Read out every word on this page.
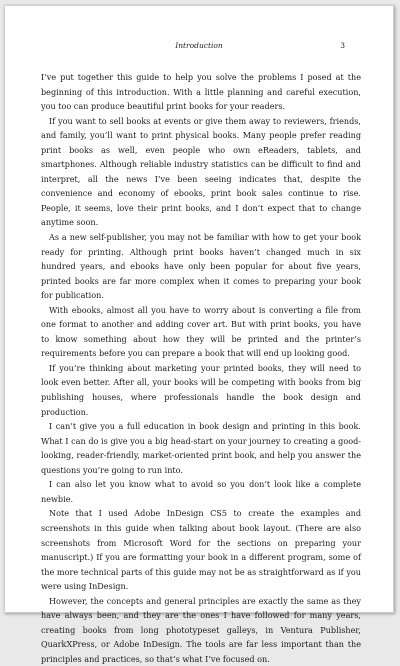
Introduction	3

I’ve put together this guide to help you solve the problems I posed at the beginning of this introduction. With a little planning and careful execution, you too can produce beautiful print books for your readers.

If you want to sell books at events or give them away to reviewers, friends, and family, you’ll want to print physical books. Many people prefer reading print books as well, even people who own eReaders, tablets, and smartphones. Although reliable industry statistics can be difficult to find and interpret, all the news I’ve been seeing indicates that, despite the convenience and economy of ebooks, print book sales continue to rise. People, it seems, love their print books, and I don’t expect that to change anytime soon.

As a new self-publisher, you may not be familiar with how to get your book ready for printing. Although print books haven’t changed much in six hundred years, and ebooks have only been popular for about five years, printed books are far more complex when it comes to preparing your book for publication.

With ebooks, almost all you have to worry about is converting a file from one format to another and adding cover art. But with print books, you have to know something about how they will be printed and the printer’s requirements before you can prepare a book that will end up looking good.

If you’re thinking about marketing your printed books, they will need to look even better. After all, your books will be competing with books from big publishing houses, where professionals handle the book design and production.

I can’t give you a full education in book design and printing in this book. What I can do is give you a big head-start on your journey to creating a good-looking, reader-friendly, market-oriented print book, and help you answer the questions you’re going to run into.

I can also let you know what to avoid so you don’t look like a complete newbie.

Note that I used Adobe InDesign CS5 to create the examples and screenshots in this guide when talking about book layout. (There are also screenshots from Microsoft Word for the sections on preparing your manuscript.) If you are formatting your book in a different program, some of the more technical parts of this guide may not be as straightforward as if you were using InDesign.

However, the concepts and general principles are exactly the same as they have always been, and they are the ones I have followed for many years, creating books from long phototypeset galleys, in Ventura Publisher, QuarkXPress, or Adobe InDesign. The tools are far less important than the principles and practices, so that’s what I’ve focused on.
